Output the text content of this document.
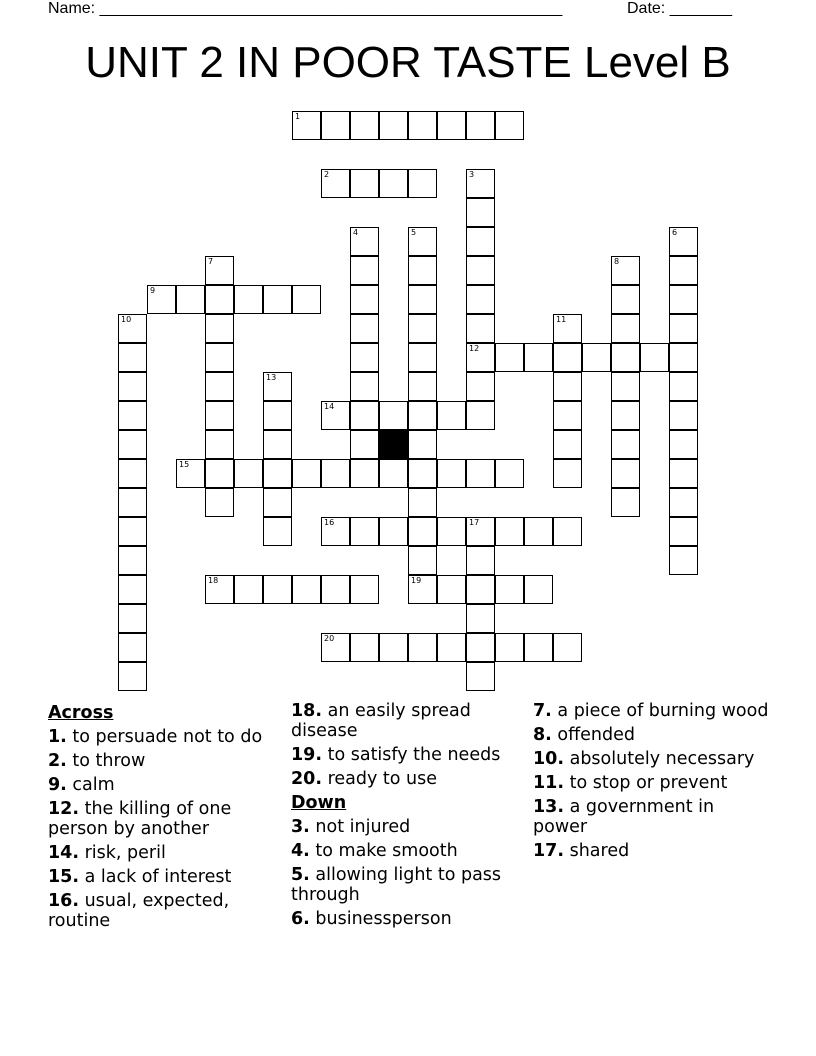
Name: ____________________________________________________	Date: _______
UNIT 2 IN POOR TASTE Level B
1
2
9
12
14
15
16	17
18	19
20
3
4	5	6
7	8
10	11
13
Across
1. to persuade not to do
2. to throw
9. calm
12. the killing of one person by another
14. risk, peril
15. a lack of interest
16. usual, expected, routine
18. an easily spread disease
19. to satisfy the needs
20. ready to use
Down
3. not injured
4. to make smooth
5. allowing light to pass through
6. businessperson
7. a piece of burning wood
8. offended
10. absolutely necessary
11. to stop or prevent
13. a government in power
17. shared
